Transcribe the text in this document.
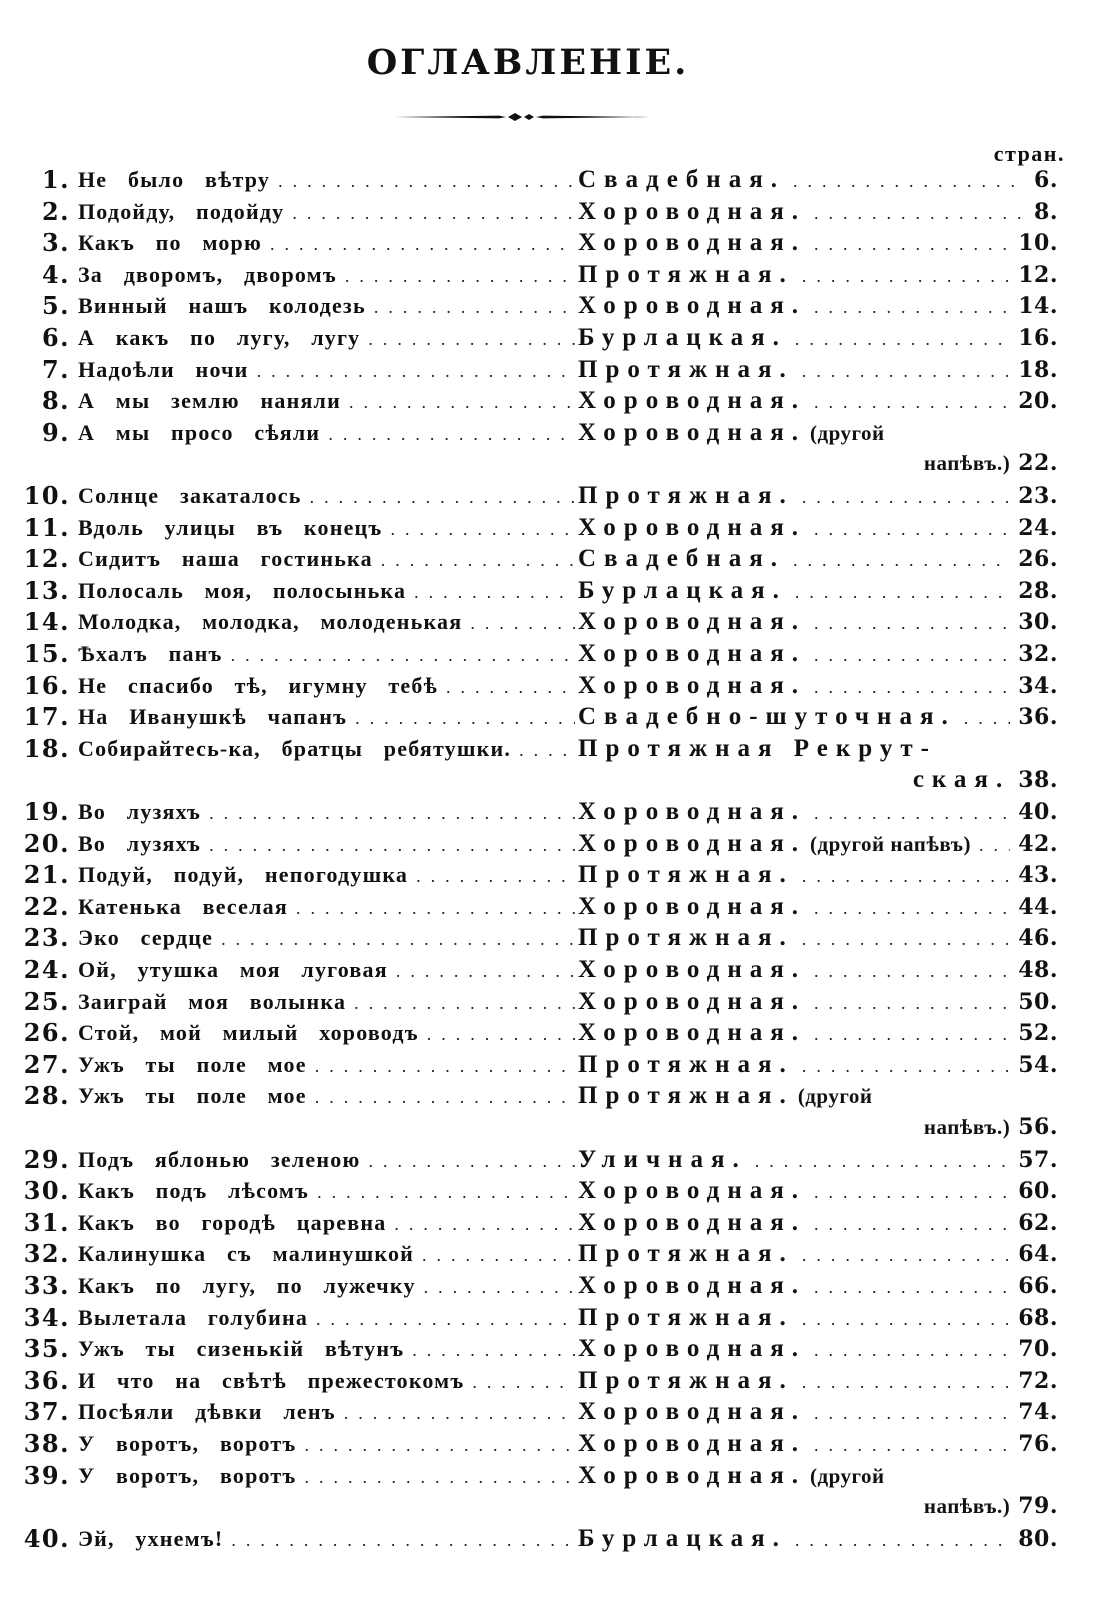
ОГЛАВЛЕНІЕ.
стран.
1. Не было вѣтру .....	Свадебная. .....	6.
2. Подойду, подойду .....	Хороводная. .....	8.
3. Какъ по морю .....	Хороводная. .....	10.
4. За дворомъ, дворомъ .....	Протяжная. .....	12.
5. Винный нашъ колодезь .....	Хороводная. .....	14.
6. А какъ по лугу, лугу .....	Бурлацкая. .....	16.
7. Надоѣли ночи .....	Протяжная. .....	18.
8. А мы землю наняли .....	Хороводная. .....	20.
9. А мы просо сѣяли .....	Хороводная. (другой
напѣвъ.) 22.
10. Солнце закаталось .....	Протяжная. .....	23.
11. Вдоль улицы въ конецъ .....	Хороводная. .....	24.
12. Сидитъ наша гостинька .....	Свадебная. .....	26.
13. Полосаль моя, полосынька .....	Бурлацкая. .....	28.
14. Молодка, молодка, молоденькая .....	Хороводная. .....	30.
15. Ѣхалъ панъ .....	Хороводная. .....	32.
16. Не спасибо тѣ, игумну тебѣ .....	Хороводная. .....	34.
17. На Иванушкѣ чапанъ .....	Свадебно-шуточная. .....	36.
18. Собирайтесь-ка, братцы ребятушки. .....	Протяжная Рекрут-
ская. 38.
19. Во лузяхъ .....	Хороводная. .....	40.
20. Во лузяхъ .....	Хороводная. (другой напѣвъ) .....	42.
21. Подуй, подуй, непогодушка .....	Протяжная. .....	43.
22. Катенька веселая .....	Хороводная. .....	44.
23. Эко сердце .....	Протяжная. .....	46.
24. Ой, утушка моя луговая .....	Хороводная. .....	48.
25. Заиграй моя волынка .....	Хороводная. .....	50.
26. Стой, мой милый хороводъ .....	Хороводная. .....	52.
27. Ужъ ты поле мое .....	Протяжная. .....	54.
28. Ужъ ты поле мое .....	Протяжная. (другой
напѣвъ.) 56.
29. Подъ яблонью зеленою .....	Уличная. .....	57.
30. Какъ подъ лѣсомъ .....	Хороводная. .....	60.
31. Какъ во городѣ царевна .....	Хороводная. .....	62.
32. Калинушка съ малинушкой .....	Протяжная. .....	64.
33. Какъ по лугу, по лужечку .....	Хороводная. .....	66.
34. Вылетала голубина .....	Протяжная. .....	68.
35. Ужъ ты сизенькій вѣтунъ .....	Хороводная. .....	70.
36. И что на свѣтѣ прежестокомъ .....	Протяжная. .....	72.
37. Посѣяли дѣвки ленъ .....	Хороводная. .....	74.
38. У воротъ, воротъ .....	Хороводная. .....	76.
39. У воротъ, воротъ .....	Хороводная. (другой
напѣвъ.) 79.
40. Эй, ухнемъ! .....	Бурлацкая. .....	80.
